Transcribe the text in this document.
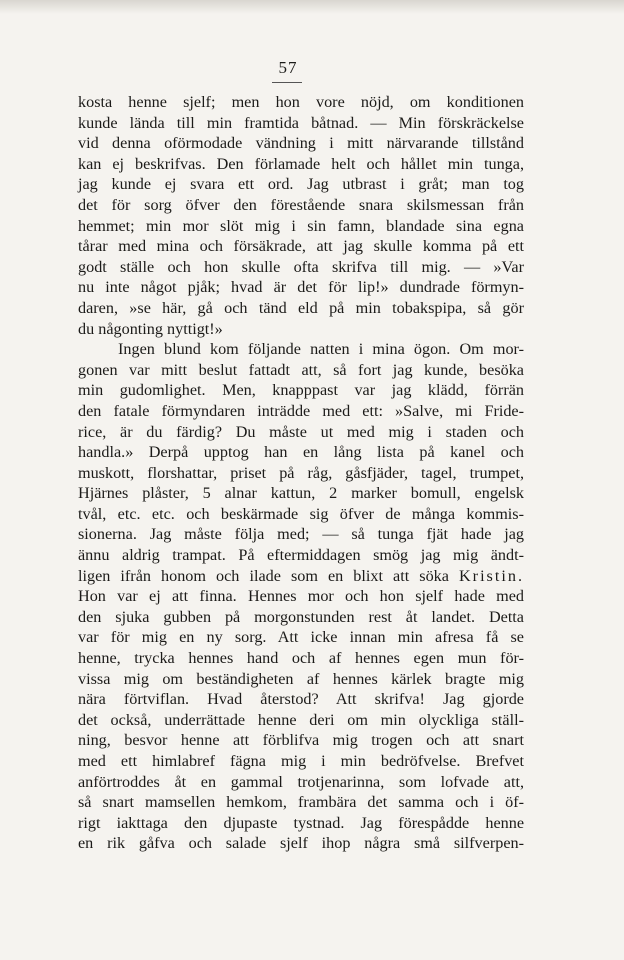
57
kosta henne sjelf; men hon vore nöjd, om konditionen
kunde lända till min framtida båtnad. — Min förskräckelse
vid denna oförmodade vändning i mitt närvarande tillstånd
kan ej beskrifvas. Den förlamade helt och hållet min tunga,
jag kunde ej svara ett ord. Jag utbrast i gråt; man tog
det för sorg öfver den förestående snara skilsmessan från
hemmet; min mor slöt mig i sin famn, blandade sina egna
tårar med mina och försäkrade, att jag skulle komma på ett
godt ställe och hon skulle ofta skrifva till mig. — »Var
nu inte något pjåk; hvad är det för lip!» dundrade förmyn-
daren, »se här, gå och tänd eld på min tobakspipa, så gör
du någonting nyttigt!»
Ingen blund kom följande natten i mina ögon. Om mor-
gonen var mitt beslut fattadt att, så fort jag kunde, besöka
min gudomlighet. Men, knapppast var jag klädd, förrän
den fatale förmyndaren inträdde med ett: »Salve, mi Fride-
rice, är du färdig? Du måste ut med mig i staden och
handla.» Derpå upptog han en lång lista på kanel och
muskott, florshattar, priset på råg, gåsfjäder, tagel, trumpet,
Hjärnes plåster, 5 alnar kattun, 2 marker bomull, engelsk
tvål, etc. etc. och beskärmade sig öfver de många kommis-
sionerna. Jag måste följa med; — så tunga fjät hade jag
ännu aldrig trampat. På eftermiddagen smög jag mig ändt-
ligen ifrån honom och ilade som en blixt att söka Kristin.
Hon var ej att finna. Hennes mor och hon sjelf hade med
den sjuka gubben på morgonstunden rest åt landet. Detta
var för mig en ny sorg. Att icke innan min afresa få se
henne, trycka hennes hand och af hennes egen mun för-
vissa mig om beständigheten af hennes kärlek bragte mig
nära förtviflan. Hvad återstod? Att skrifva! Jag gjorde
det också, underrättade henne deri om min olyckliga ställ-
ning, besvor henne att förblifva mig trogen och att snart
med ett himlabref fägna mig i min bedröfvelse. Brefvet
anförtroddes åt en gammal trotjenarinna, som lofvade att,
så snart mamsellen hemkom, frambära det samma och i öf-
rigt iakttaga den djupaste tystnad. Jag förespådde henne
en rik gåfva och salade sjelf ihop några små silfverpen-
